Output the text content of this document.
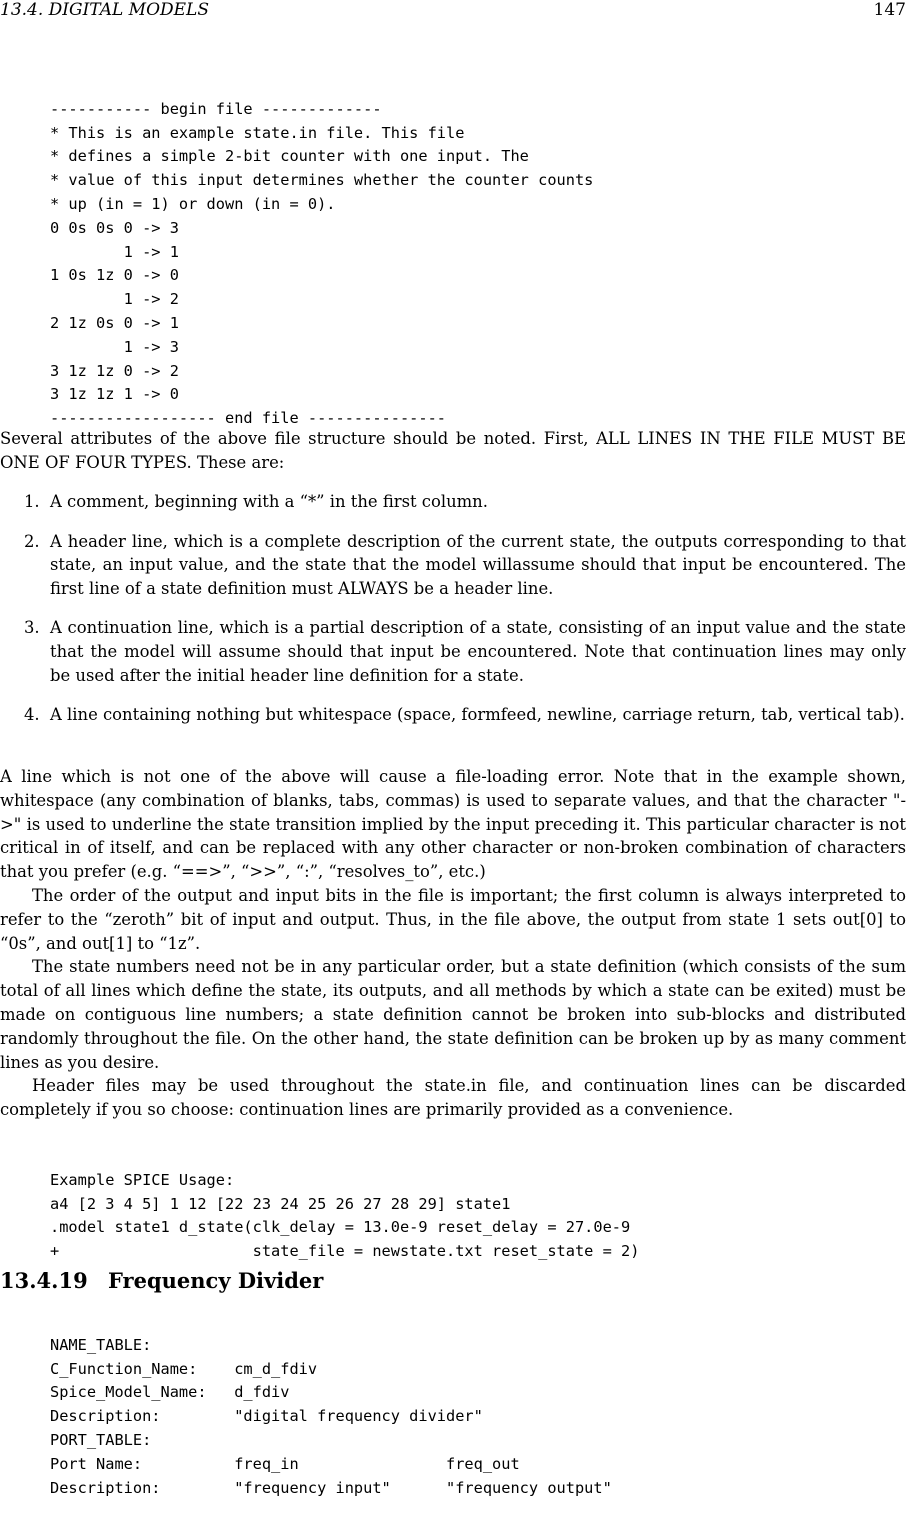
13.4. DIGITAL MODELS	147

----------- begin file -------------
* This is an example state.in file. This file
* defines a simple 2-bit counter with one input. The
* value of this input determines whether the counter counts
* up (in = 1) or down (in = 0).
0 0s 0s 0 -> 3
1 -> 1
1 0s 1z 0 -> 0
1 -> 2
2 1z 0s 0 -> 1
1 -> 3
3 1z 1z 0 -> 2
3 1z 1z 1 -> 0
------------------ end file ---------------

Several attributes of the above file structure should be noted. First, ALL LINES IN THE FILE MUST BE ONE OF FOUR TYPES. These are:
1. A comment, beginning with a “*” in the first column.
2. A header line, which is a complete description of the current state, the outputs corresponding to that state, an input value, and the state that the model willassume should that input be encountered. The first line of a state definition must ALWAYS be a header line.
3. A continuation line, which is a partial description of a state, consisting of an input value and the state that the model will assume should that input be encountered. Note that continuation lines may only be used after the initial header line definition for a state.
4. A line containing nothing but whitespace (space, formfeed, newline, carriage return, tab, vertical tab).

A line which is not one of the above will cause a file-loading error. Note that in the example shown, whitespace (any combination of blanks, tabs, commas) is used to separate values, and that the character "->" is used to underline the state transition implied by the input preceding it. This particular character is not critical in of itself, and can be replaced with any other character or non-broken combination of characters that you prefer (e.g. “==>”, “>>”, “:”, “resolves_to”, etc.)

The order of the output and input bits in the file is important; the first column is always interpreted to refer to the “zeroth” bit of input and output. Thus, in the file above, the output from state 1 sets out[0] to “0s”, and out[1] to “1z”.

The state numbers need not be in any particular order, but a state definition (which consists of the sum total of all lines which define the state, its outputs, and all methods by which a state can be exited) must be made on contiguous line numbers; a state definition cannot be broken into sub-blocks and distributed randomly throughout the file. On the other hand, the state definition can be broken up by as many comment lines as you desire.

Header files may be used throughout the state.in file, and continuation lines can be discarded completely if you so choose: continuation lines are primarily provided as a convenience.

Example SPICE Usage:
a4 [2 3 4 5] 1 12 [22 23 24 25 26 27 28 29] state1
.model state1 d_state(clk_delay = 13.0e-9 reset_delay = 27.0e-9
+                     state_file = newstate.txt reset_state = 2)

13.4.19 Frequency Divider

NAME_TABLE:
C_Function_Name:    cm_d_fdiv
Spice_Model_Name:   d_fdiv
Description:        "digital frequency divider"
PORT_TABLE:
Port Name:          freq_in                freq_out
Description:        "frequency input"      "frequency output"
